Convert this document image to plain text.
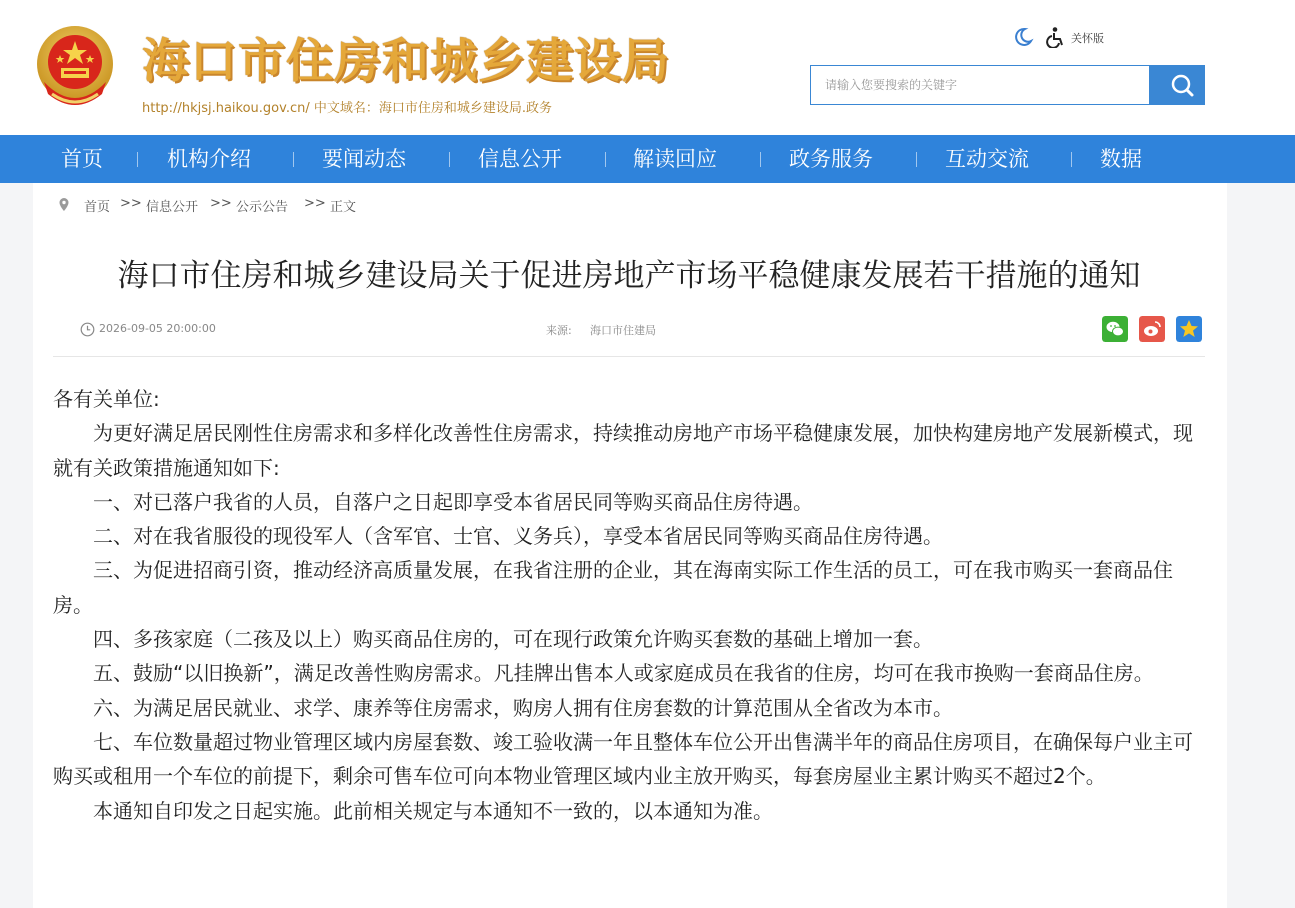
海口市住房和城乡建设局
http://hkjsj.haikou.gov.cn/ 中文域名：海口市住房和城乡建设局.政务
关怀版
请输入您要搜索的关键字
首页	机构介绍	要闻动态	信息公开	解读回应	政务服务	互动交流	数据
首页 >> 信息公开 >> 公示公告 >> 正文
海口市住房和城乡建设局关于促进房地产市场平稳健康发展若干措施的通知
2026-09-05 20:00:00	来源: 海口市住建局

各有关单位:

为更好满足居民刚性住房需求和多样化改善性住房需求，持续推动房地产市场平稳健康发展，加快构建房地产发展新模式，现就有关政策措施通知如下:

一、对已落户我省的人员，自落户之日起即享受本省居民同等购买商品住房待遇。

二、对在我省服役的现役军人（含军官、士官、义务兵），享受本省居民同等购买商品住房待遇。

三、为促进招商引资，推动经济高质量发展，在我省注册的企业，其在海南实际工作生活的员工，可在我市购买一套商品住房。

四、多孩家庭（二孩及以上）购买商品住房的，可在现行政策允许购买套数的基础上增加一套。

五、鼓励“以旧换新”，满足改善性购房需求。凡挂牌出售本人或家庭成员在我省的住房，均可在我市换购一套商品住房。

六、为满足居民就业、求学、康养等住房需求，购房人拥有住房套数的计算范围从全省改为本市。

七、车位数量超过物业管理区域内房屋套数、竣工验收满一年且整体车位公开出售满半年的商品住房项目，在确保每户业主可购买或租用一个车位的前提下，剩余可售车位可向本物业管理区域内业主放开购买，每套房屋业主累计购买不超过2个。

本通知自印发之日起实施。此前相关规定与本通知不一致的，以本通知为准。
